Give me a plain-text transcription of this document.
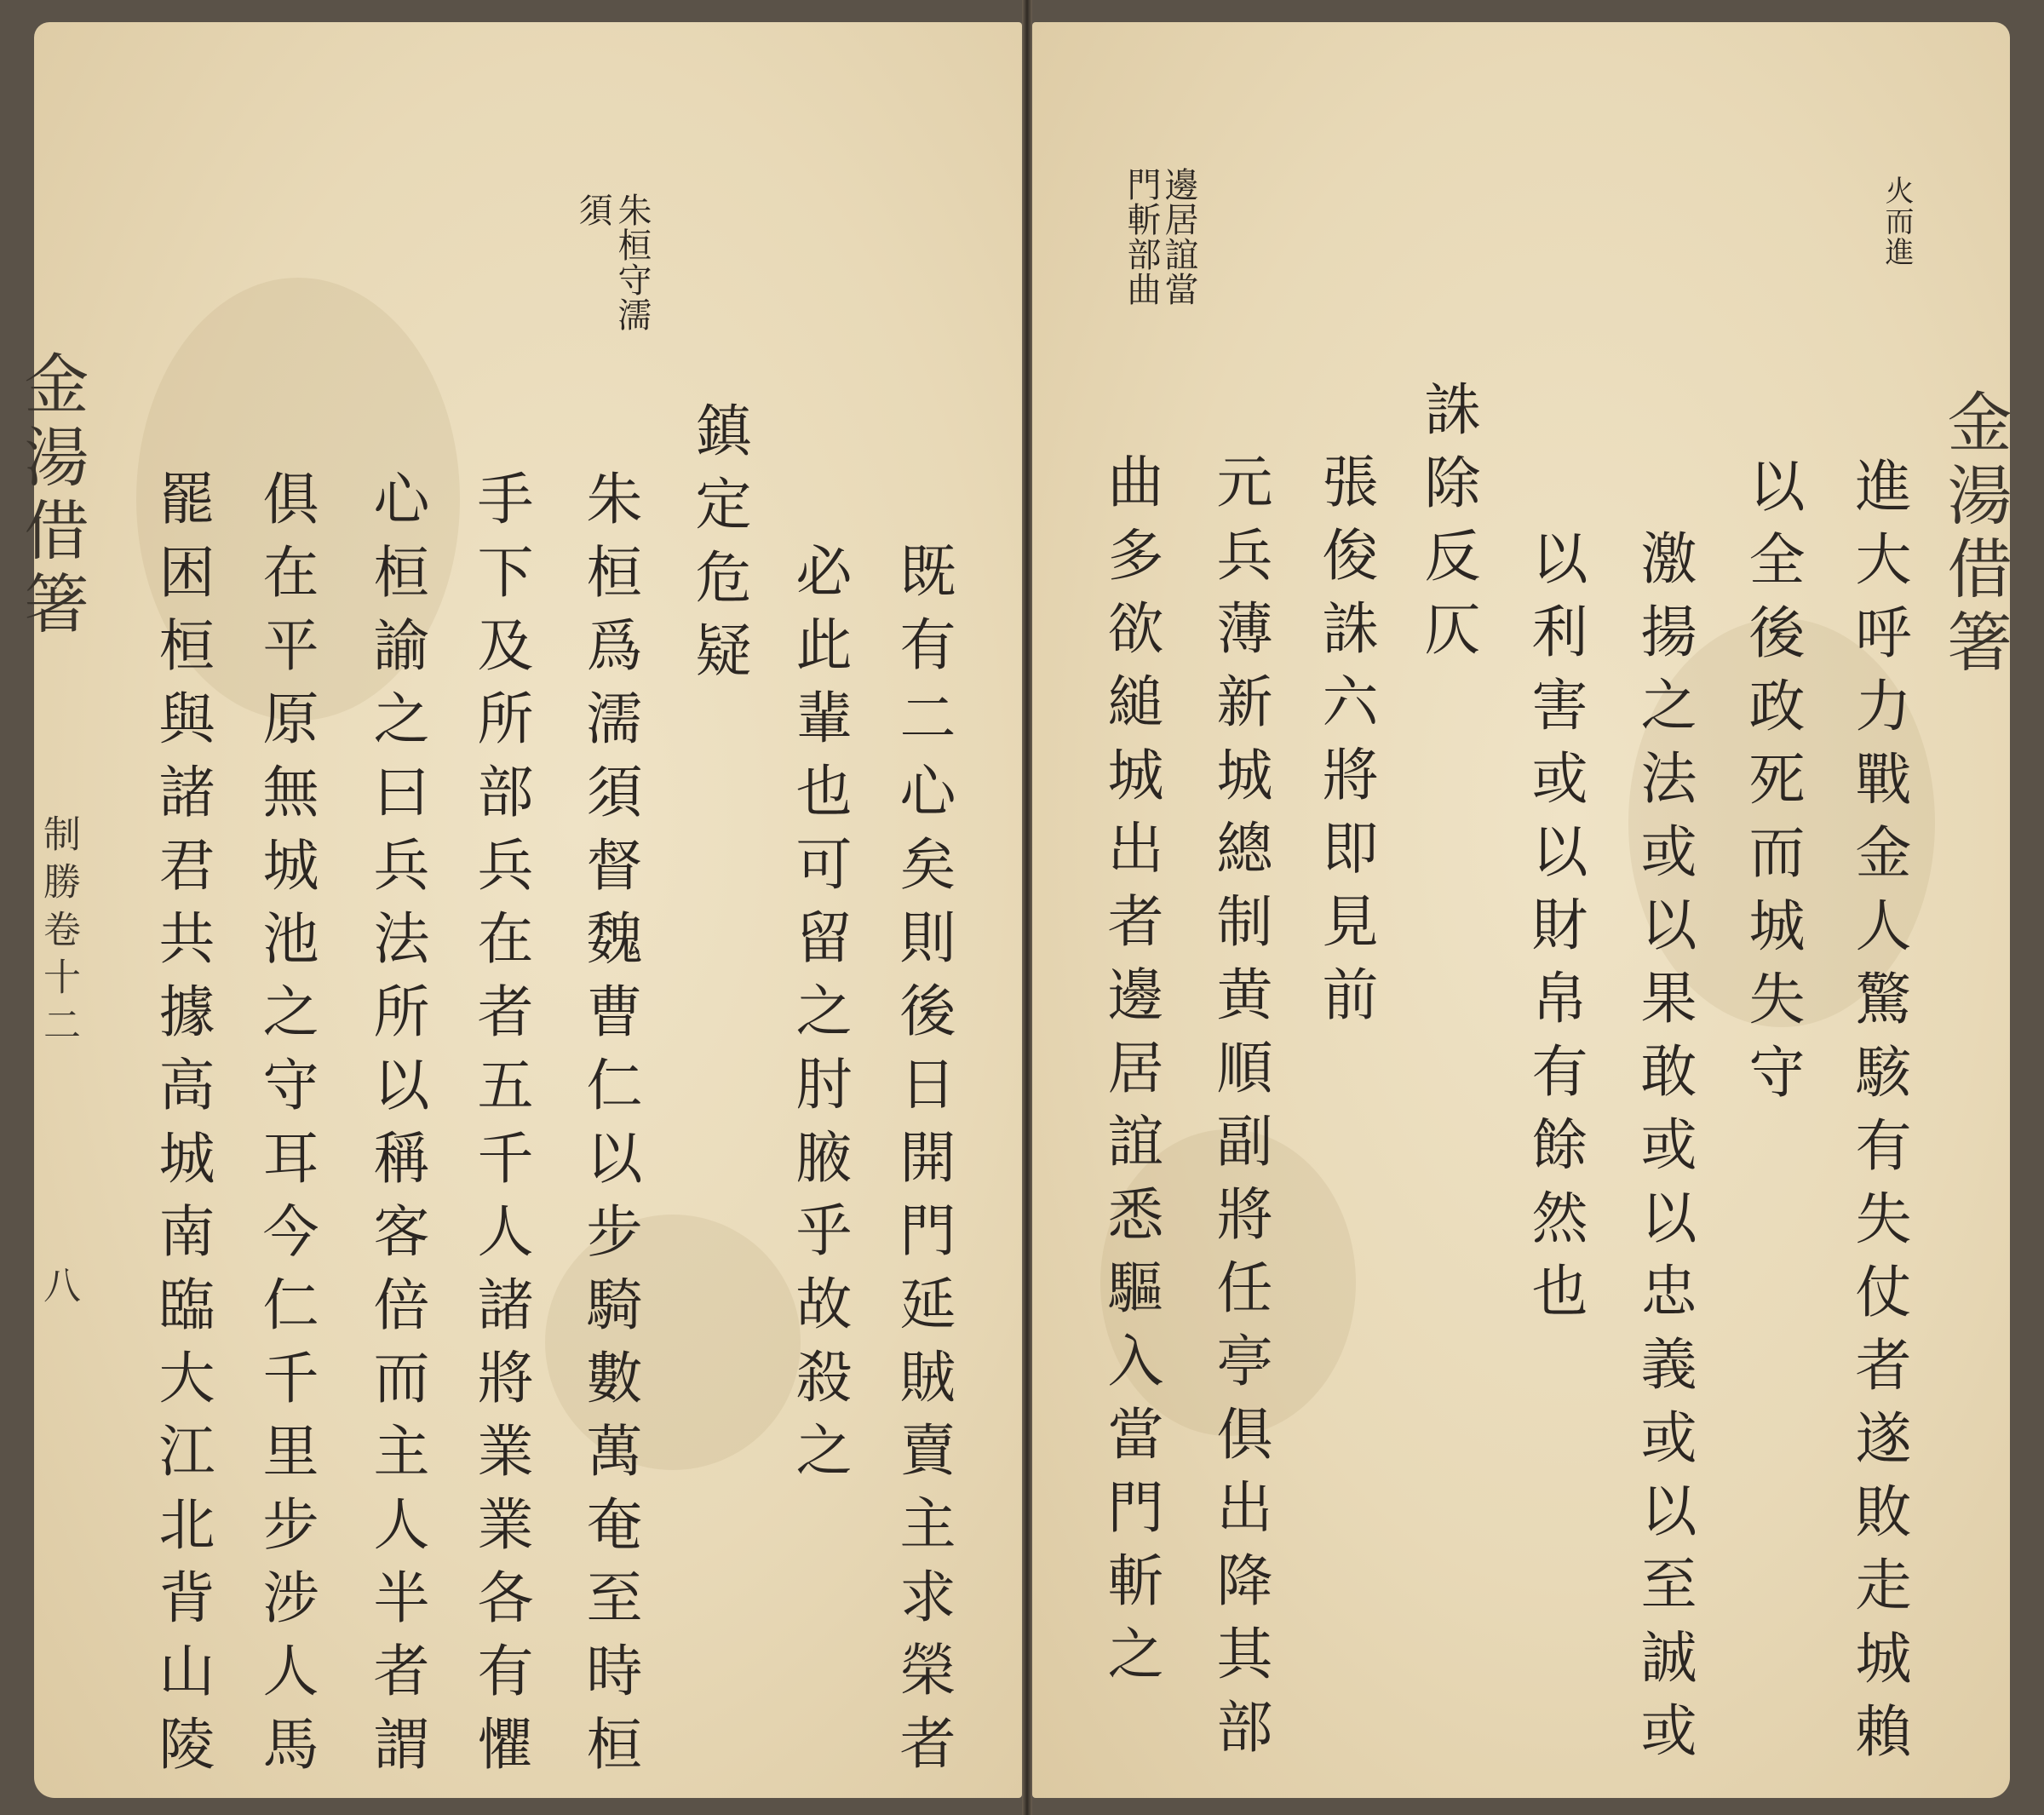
金湯借箸
制勝卷十二
八
朱桓守濡
須
既有二心矣則後日開門延賊賣主求榮者
必此輩也可留之肘腋乎故殺之
鎮定危疑
朱桓爲濡須督魏曹仁以步騎數萬奄至時桓
手下及所部兵在者五千人諸將業業各有懼
心桓諭之曰兵法所以稱客倍而主人半者謂
俱在平原無城池之守耳今仁千里步涉人馬
罷困桓與諸君共據高城南臨大江北背山陵	金湯借箸
火而進
邊居誼當
門斬部曲
進大呼力戰金人驚駭有失仗者遂敗走城賴
以全後政死而城失守
激揚之法或以果敢或以忠義或以至誠或
以利害或以財帛有餘然也
誅除反仄
張俊誅六將即見前
元兵薄新城總制黄順副將任亭俱出降其部
曲多欲縋城出者邊居誼悉驅入當門斬之
